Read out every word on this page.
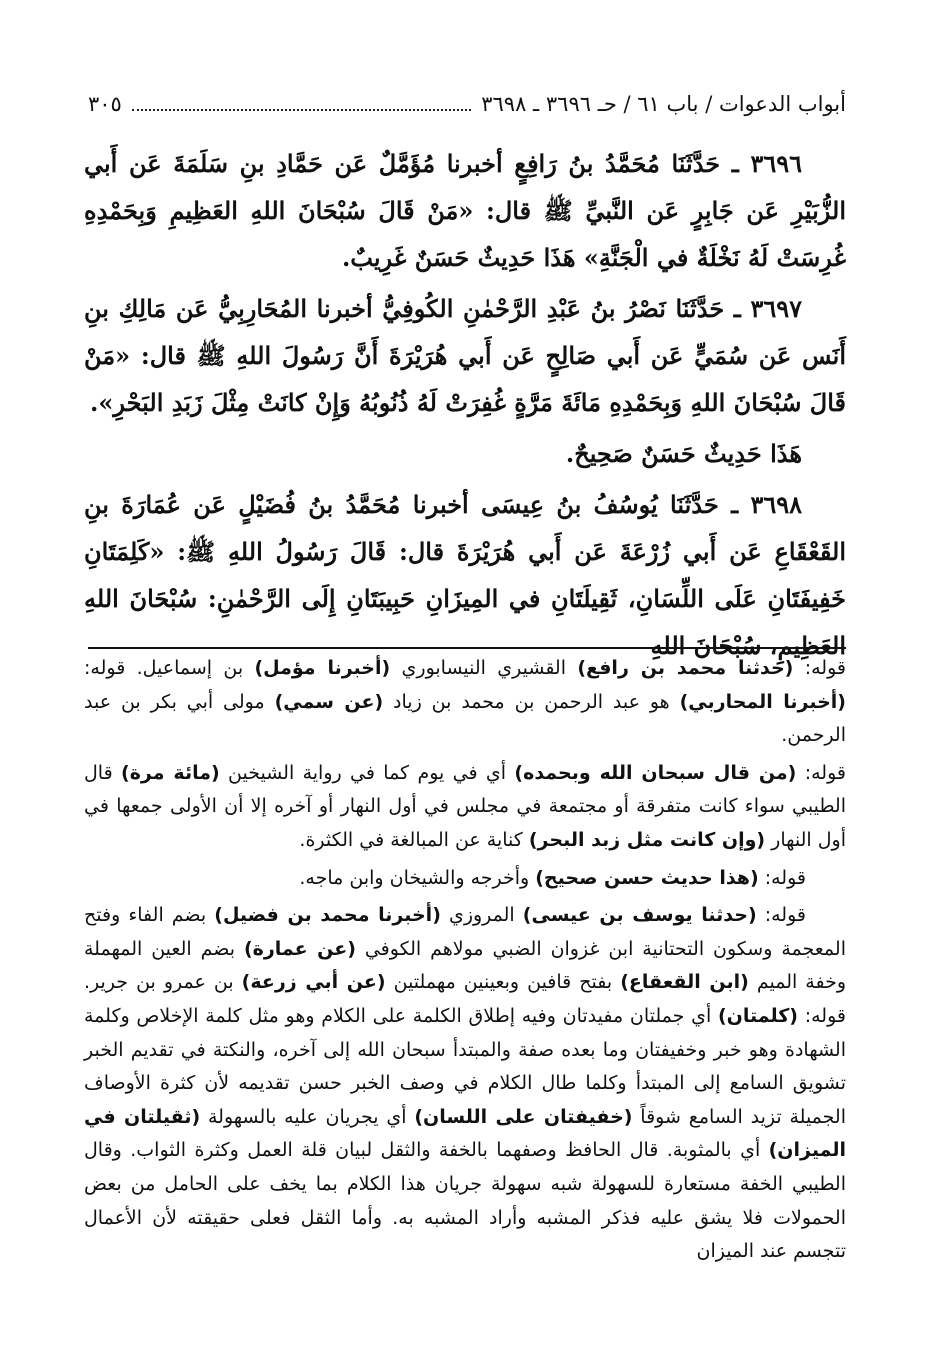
أبواب الدعوات / باب ٦١ / حـ ٣٦٩٦ ـ ٣٦٩٨
٣٠٥

٣٦٩٦ ـ حَدَّثَنَا مُحَمَّدُ بنُ رَافِعٍ أخبرنا مُؤَمَّلٌ عَن حَمَّادِ بنِ سَلَمَةَ عَن أَبي الزُّبَيْرِ عَن جَابِرٍ عَن النَّبيِّ ﷺ قال: «مَنْ قَالَ سُبْحَانَ اللهِ العَظِيمِ وَبِحَمْدِهِ غُرِسَتْ لَهُ نَخْلَةٌ في الْجَنَّةِ» هَذَا حَدِيثٌ حَسَنٌ غَرِيبٌ.

٣٦٩٧ ـ حَدَّثَنَا نَصْرُ بنُ عَبْدِ الرَّحْمٰنِ الكُوفِيُّ أخبرنا المُحَارِبِيُّ عَن مَالِكِ بنِ أَنَس عَن سُمَيٍّ عَن أَبي صَالِحٍ عَن أَبي هُرَيْرَةَ أَنَّ رَسُولَ اللهِ ﷺ قال: «مَنْ قَالَ سُبْحَانَ اللهِ وَبِحَمْدِهِ مَائَةَ مَرَّةٍ غُفِرَتْ لَهُ ذُنُوبُهُ وَإِنْ كانَتْ مِثْلَ زَبَدِ البَحْرِ».

هَذَا حَدِيثٌ حَسَنٌ صَحِيحٌ.

٣٦٩٨ ـ حَدَّثَنَا يُوسُفُ بنُ عِيسَى أخبرنا مُحَمَّدُ بنُ فُضَيْلٍ عَن عُمَارَةَ بنِ القَعْقَاعِ عَن أَبي زُرْعَةَ عَن أَبي هُرَيْرَةَ قال: قَالَ رَسُولُ اللهِ ﷺ: «كَلِمَتَانِ خَفِيفَتَانِ عَلَى اللِّسَانِ، ثَقِيلَتَانِ في المِيزَانِ حَبِيبَتَانِ إِلَى الرَّحْمٰنِ: سُبْحَانَ اللهِ العَظِيمِ، سُبْحَانَ اللهِ

قوله: (حدثنا محمد بن رافع) القشيري النيسابوري (أخبرنا مؤمل) بن إسماعيل. قوله: (أخبرنا المحاربي) هو عبد الرحمن بن محمد بن زياد (عن سمي) مولى أبي بكر بن عبد الرحمن.

قوله: (من قال سبحان الله وبحمده) أي في يوم كما في رواية الشيخين (مائة مرة) قال الطيبي سواء كانت متفرقة أو مجتمعة في مجلس في أول النهار أو آخره إلا أن الأولى جمعها في أول النهار (وإن كانت مثل زبد البحر) كناية عن المبالغة في الكثرة.

قوله: (هذا حديث حسن صحيح) وأخرجه والشيخان وابن ماجه.

قوله: (حدثنا يوسف بن عيسى) المروزي (أخبرنا محمد بن فضيل) بضم الفاء وفتح المعجمة وسكون التحتانية ابن غزوان الضبي مولاهم الكوفي (عن عمارة) بضم العين المهملة وخفة الميم (ابن القعقاع) بفتح قافين وبعينين مهملتين (عن أبي زرعة) بن عمرو بن جرير. قوله: (كلمتان) أي جملتان مفيدتان وفيه إطلاق الكلمة على الكلام وهو مثل كلمة الإخلاص وكلمة الشهادة وهو خبر وخفيفتان وما بعده صفة والمبتدأ سبحان الله إلى آخره، والنكتة في تقديم الخبر تشويق السامع إلى المبتدأ وكلما طال الكلام في وصف الخبر حسن تقديمه لأن كثرة الأوصاف الجميلة تزيد السامع شوقاً (خفيفتان على اللسان) أي يجريان عليه بالسهولة (ثقيلتان في الميزان) أي بالمثوبة. قال الحافظ وصفهما بالخفة والثقل لبيان قلة العمل وكثرة الثواب. وقال الطيبي الخفة مستعارة للسهولة شبه سهولة جريان هذا الكلام بما يخف على الحامل من بعض الحمولات فلا يشق عليه فذكر المشبه وأراد المشبه به. وأما الثقل فعلى حقيقته لأن الأعمال تتجسم عند الميزان
